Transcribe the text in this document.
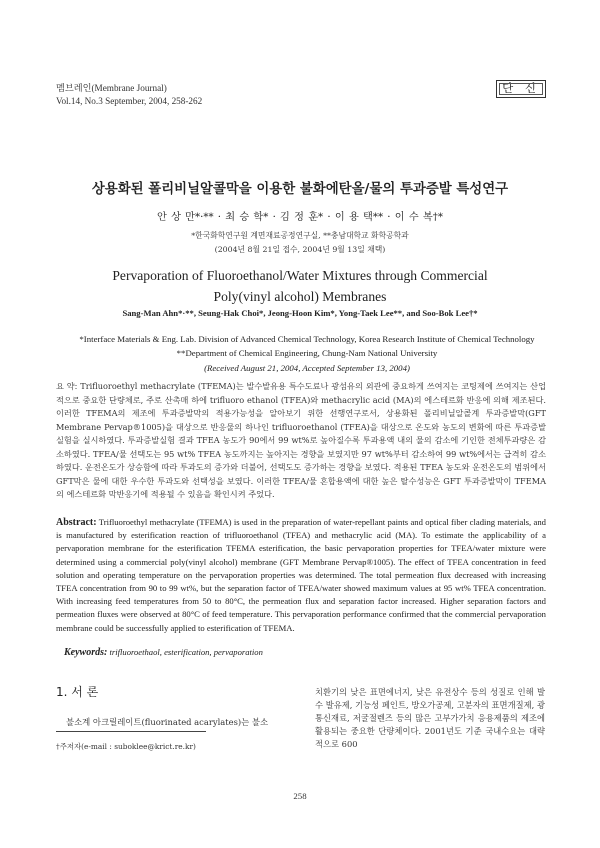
멤브레인(Membrane Journal)
Vol.14, No.3 September, 2004, 258-262
단 신
상용화된 폴리비닐알콜막을 이용한 불화에탄올/물의 투과증발 특성연구
안 상 만*·** · 최 승 학* · 김 정 훈* · 이 용 택** · 이 수 복†*
*한국화학연구원 계면재료공정연구실, **충남대학교 화학공학과
(2004년 8월 21일 접수, 2004년 9월 13일 채택)
Pervaporation of Fluoroethanol/Water Mixtures through Commercial
Poly(vinyl alcohol) Membranes
Sang-Man Ahn*·**, Seung-Hak Choi*, Jeong-Hoon Kim*, Yong-Taek Lee**, and Soo-Bok Lee†*
*Interface Materials & Eng. Lab. Division of Advanced Chemical Technology, Korea Research Institute of Chemical Technology
**Department of Chemical Engineering, Chung-Nam National University
(Received August 21, 2004, Accepted September 13, 2004)
요 약: Trifluoroethyl methacrylate (TFEMA)는 발수발유용 특수도료나 광섬유의 외관에 중요하게 쓰여지는 코팅제에 쓰여지는 산업적으로 중요한 단량체로, 주로 산촉매 하에 trifluoro ethanol (TFEA)와 methacrylic acid (MA)의 에스테르화 반응에 의해 제조된다. 이러한 TFEMA의 제조에 투과증발막의 적용가능성을 알아보기 위한 선행연구로서, 상용화된 폴리비닐알콜계 투과증발막(GFT Membrane Pervap®1005)을 대상으로 반응물의 하나인 trifluoroethanol (TFEA)을 대상으로 온도와 농도의 변화에 따른 투과증발실험을 실시하였다. 투과증발실험 결과 TFEA 농도가 90에서 99 wt%로 높아질수록 투과용액 내의 물의 감소에 기인한 전체투과량은 감소하였다. TFEA/물 선택도는 95 wt% TFEA 농도까지는 높아지는 경향을 보였지만 97 wt%부터 감소하여 99 wt%에서는 급격히 감소하였다. 운전온도가 상승함에 따라 투과도의 증가와 더불어, 선택도도 증가하는 경향을 보였다. 적용된 TFEA 농도와 운전온도의 범위에서 GFT막은 물에 대한 우수한 투과도와 선택성을 보였다. 이러한 TFEA/물 혼합용액에 대한 높은 탈수성능은 GFT 투과증발막이 TFEMA의 에스테르화 막반응기에 적용될 수 있음을 확인시켜 주었다.
Abstract: Trifluoroethyl methacrylate (TFEMA) is used in the preparation of water-repellant paints and optical fiber clading materials, and is manufactured by esterification reaction of trifluoroethanol (TFEA) and methacrylic acid (MA). To estimate the applicability of a pervaporation membrane for the esterification TFEMA esterification, the basic pervaporation properties for TFEA/water mixture were determined using a commercial poly(vinyl alcohol) membrane (GFT Membrane Pervap®1005). The effect of TFEA concentration in feed solution and operating temperature on the pervaporation properties was determined. The total permeation flux decreased with increasing TFEA concentration from 90 to 99 wt%, but the separation factor of TFEA/water showed maximum values at 95 wt% TFEA concentration. With increasing feed temperatures from 50 to 80°C, the permeation flux and separation factor increased. Higher separation factors and permeation fluxes were observed at 80°C of feed temperature. This pervaporation performance confirmed that the commercial pervaporation membrane could be successfully applied to esterification of TFEMA.
Keywords: trifluoroethaol, esterification, pervaporation
1. 서 론
불소계 아크릴레이트(fluorinated acarylates)는 불소
치환기의 낮은 표면에너지, 낮은 유전상수 등의 성질로 인해 발수 발유제, 기능성 페인트, 방오가공제, 고분자의 표면개질제, 광통신재료, 저굴절렌즈 등의 많은 고부가가치 응용제품의 제조에 활용되는 중요한 단량체이다. 2001년도 기준 국내수요는 대략적으로 600
†주저자(e-mail : suboklee@krict.re.kr)
258
